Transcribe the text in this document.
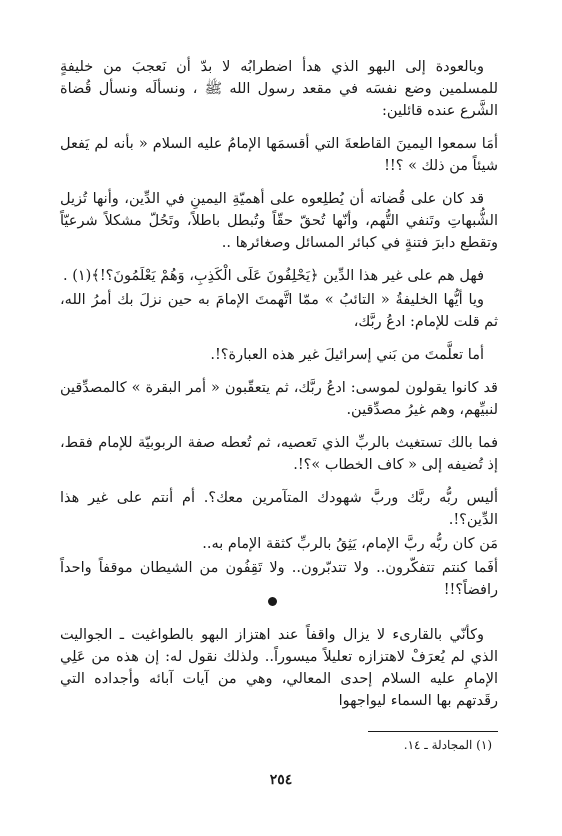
وبالعودة إلى البهو الذي هدأ اضطرابُه لا بدّ أن نَعجبَ من خليفةٍ للمسلمين وضع نفسَه في مقعد رسول الله ﷺ ، ونسألَه ونسأل قُضاة الشَّرع عنده قائلين:

أمَا سمعوا اليمينَ القاطعةَ التي أقسمَها الإمامُ عليه السلام « بأنه لم يَفعل شيئاً من ذلك » ؟!!

قد كان على قُضاته أن يُطلِعوه على أهميّةِ اليمينِ في الدِّين، وأنها تُزيل الشُّبهاتِ وتَنفي التُّهم، وأنّها تُحقّ حقّاً وتُبطل باطلاً، وتَحُلّ مشكلاً شرعيّاً وتقطع دابرَ فتنةٍ في كبائر المسائل وصغائرها ..

فهل هم على غير هذا الدِّين ﴿يَحْلِفُونَ عَلَى الْكَذِبِ، وَهُمْ يَعْلَمُونَ؟!﴾(١) .

ويا أيُّها الخليفةُ « التائبُ » ممّا اتَّهمتَ الإمامَ به حين نزلَ بك أمرُ الله، ثم قلت للإمام: ادعُ ربَّك،

أما تعلَّمتَ من بَني إسرائيلَ غير هذه العبارة؟!.

قد كانوا يقولون لموسى: ادعُ ربَّك، ثم يتعقّبون « أمر البقرة » كالمصدِّقين لنبيِّهم، وهم غيرُ مصدِّقين.

فما بالك تستغيث بالربِّ الذي تَعصيه، ثم تُعطه صفة الربوبيّة للإمام فقط، إذ تُضيفه إلى « كاف الخطاب »؟!.

أليس ربُّه ربَّك وربَّ شهودك المتآمرين معك؟. أم أنتم على غير هذا الدِّين؟!.

مَن كان ربُّه ربَّ الإمام، يَثِقُ بالربِّ كثقة الإمام به..

أفَما كنتم تتفكّرون.. ولا تتدبّرون.. ولا تَقِفُون من الشيطان موقفاً واحداً رافضاً؟!!

وكأنّي بالقارىء لا يزال واقفاً عند اهتزاز البهو بالطواغيت ـ الجواليت الذي لم يُعرَفْ لاهتزازه تعليلاً ميسوراً.. ولذلك نقول له: إن هذه من عَلِي الإمامِ عليه السلام إحدى المعالي، وهي من آيات آبائه وأجداده التي رقَدتهم بها السماء ليواجهوا

(١) المجادلة ـ ١٤.
٢٥٤
